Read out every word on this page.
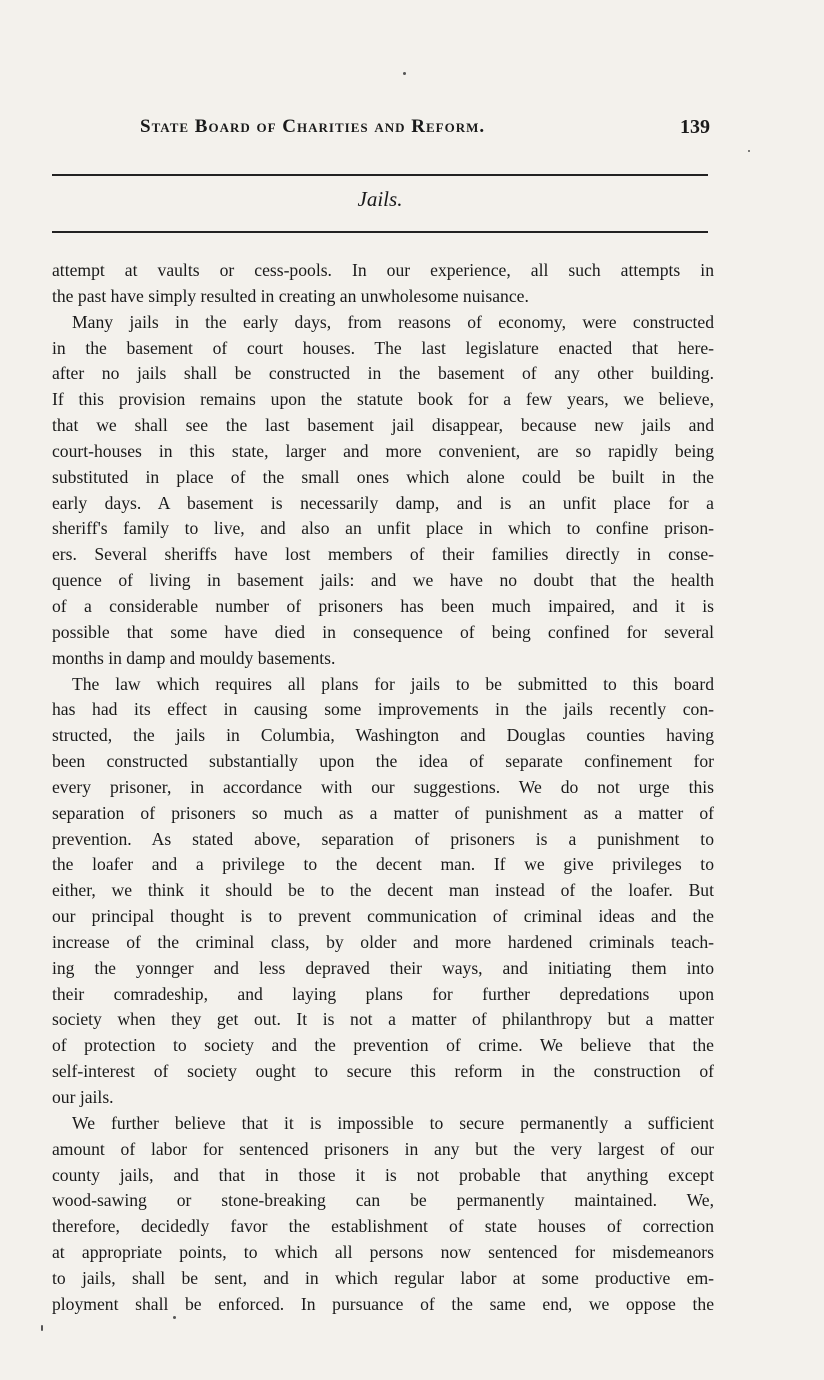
State Board of Charities and Reform.	139
Jails.
attempt at vaults or cess-pools. In our experience, all such attempts in
the past have simply resulted in creating an unwholesome nuisance.
Many jails in the early days, from reasons of economy, were constructed
in the basement of court houses. The last legislature enacted that here-
after no jails shall be constructed in the basement of any other building.
If this provision remains upon the statute book for a few years, we believe,
that we shall see the last basement jail disappear, because new jails and
court-houses in this state, larger and more convenient, are so rapidly being
substituted in place of the small ones which alone could be built in the
early days. A basement is necessarily damp, and is an unfit place for a
sheriff's family to live, and also an unfit place in which to confine prison-
ers. Several sheriffs have lost members of their families directly in conse-
quence of living in basement jails: and we have no doubt that the health
of a considerable number of prisoners has been much impaired, and it is
possible that some have died in consequence of being confined for several
months in damp and mouldy basements.
The law which requires all plans for jails to be submitted to this board
has had its effect in causing some improvements in the jails recently con-
structed, the jails in Columbia, Washington and Douglas counties having
been constructed substantially upon the idea of separate confinement for
every prisoner, in accordance with our suggestions. We do not urge this
separation of prisoners so much as a matter of punishment as a matter of
prevention. As stated above, separation of prisoners is a punishment to
the loafer and a privilege to the decent man. If we give privileges to
either, we think it should be to the decent man instead of the loafer. But
our principal thought is to prevent communication of criminal ideas and the
increase of the criminal class, by older and more hardened criminals teach-
ing the yonnger and less depraved their ways, and initiating them into
their comradeship, and laying plans for further depredations upon
society when they get out. It is not a matter of philanthropy but a matter
of protection to society and the prevention of crime. We believe that the
self-interest of society ought to secure this reform in the construction of
our jails.
We further believe that it is impossible to secure permanently a sufficient
amount of labor for sentenced prisoners in any but the very largest of our
county jails, and that in those it is not probable that anything except
wood-sawing or stone-breaking can be permanently maintained. We,
therefore, decidedly favor the establishment of state houses of correction
at appropriate points, to which all persons now sentenced for misdemeanors
to jails, shall be sent, and in which regular labor at some productive em-
ployment shall be enforced. In pursuance of the same end, we oppose the
